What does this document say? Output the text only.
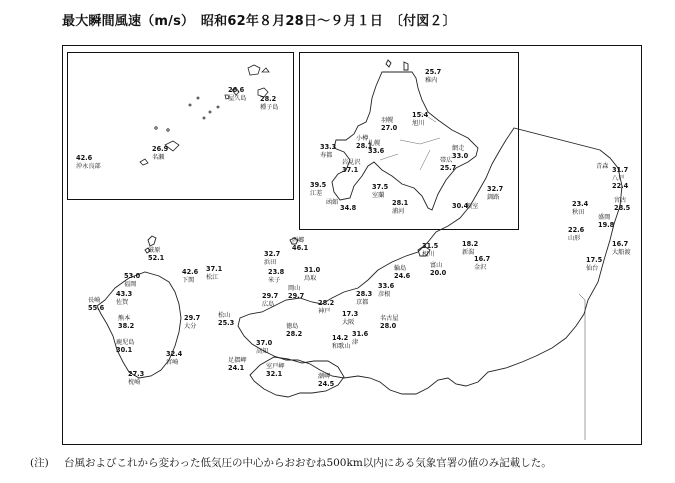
最大瞬間風速（m/s）　昭和62年８月28日～９月１日　〔付図２〕
26.6
屋久島 28.2
種子島
26.9
名瀬
42.6
沖永良部
25.7
稚内
15.4
旭川
33.0
網走
33.6
札幌
25.7
帯広
32.7
釧路
30.4
根室
34.8
函館
37.5
室蘭
39.5
江差
33.3
寿都
28.1
小樽
37.1
岩見沢
28.1
浦河
27.0
羽幌
31.7
青森
22.4
八戸
28.5
宮古
23.4
秋田
19.8
盛岡
16.7
大船渡
22.6
山形
17.5
仙台
18.2
新潟
31.5
相川
24.6
輪島
20.0
富山
16.7
金沢
46.1
西郷
37.1
松江
32.7
浜田
23.8
米子
31.0
鳥取
42.6
下関
29.7
広島
29.7
岡山
28.2
神戸 17.3
大阪
28.3
京都
33.6
彦根
53.0
福岡
43.3
佐賀
55.6
長崎
52.1
厳原
38.2
熊本	29.7
大分
32.4
宮崎
30.1
鹿児島
27.3
枕崎
25.3
松山
37.0
高知
28.2
徳島
32.1
室戸岬
24.1
足摺岬
24.5
潮岬
14.2
和歌山
28.0
名古屋
31.6
津
(注) 台風およびこれから変わった低気圧の中心からおおむね500km以内にある気象官署の値のみ記載した。
